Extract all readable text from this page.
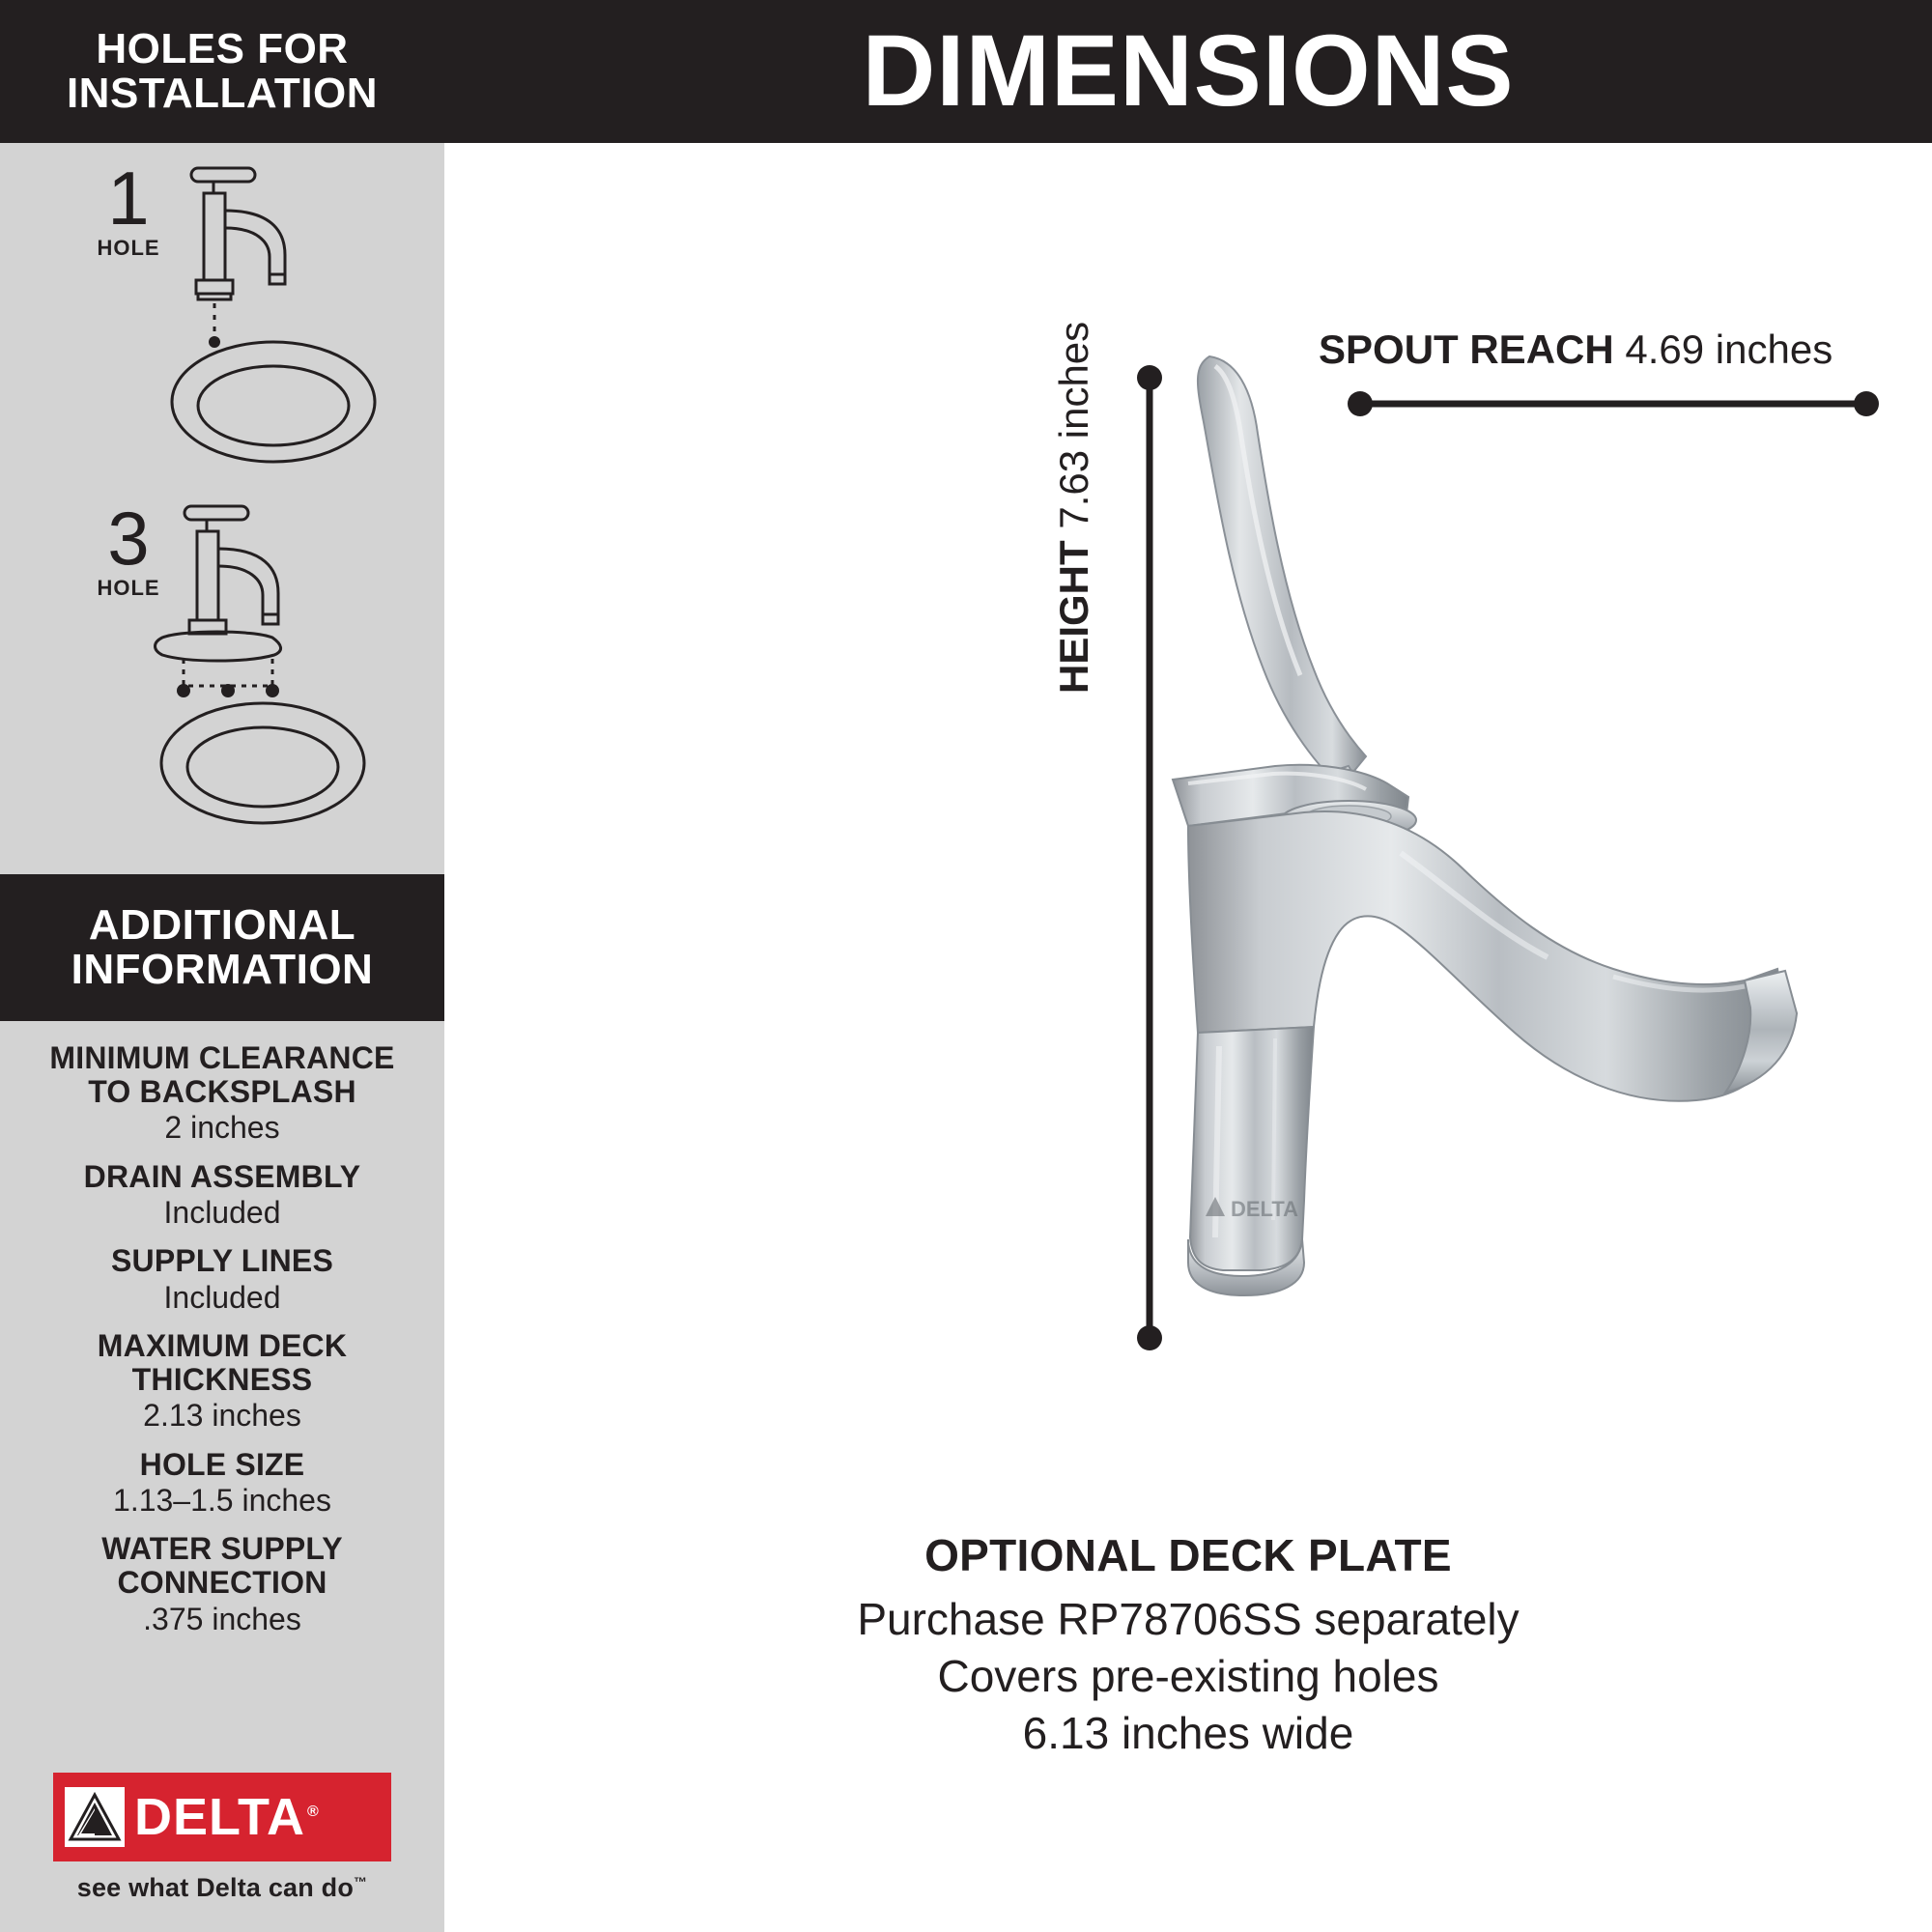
HOLES FOR
INSTALLATION
1
HOLE
3
HOLE
ADDITIONAL
INFORMATION
MINIMUM CLEARANCE
TO BACKSPLASH
2 inches
DRAIN ASSEMBLY
Included
SUPPLY LINES
Included
MAXIMUM DECK
THICKNESS
2.13 inches
HOLE SIZE
1.13–1.5 inches
WATER SUPPLY
CONNECTION
.375 inches
DELTA ®
see what Delta can do™
DIMENSIONS
SPOUT REACH 4.69 inches
HEIGHT 7.63 inches
DELTA
OPTIONAL DECK PLATE
Purchase RP78706SS separately
Covers pre-existing holes
6.13 inches wide
